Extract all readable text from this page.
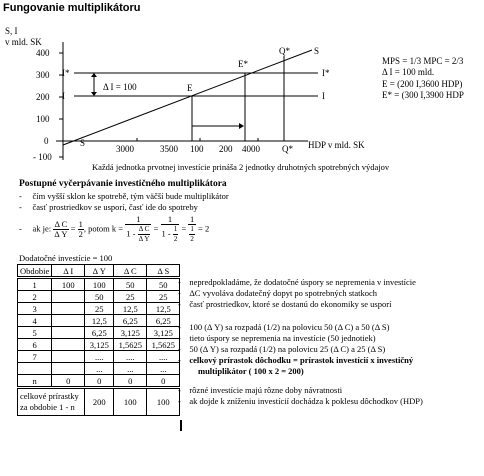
Fungovanie multiplikátoru
S, I
v mld. SK
400
300
200
100
0
- 100
3000	3500	4000
100 200	HDP v mld. SK
I*
I
I*
I
S
S
E
E*
Q*
Q*
Δ I = 100
MPS = 1/3 MPC = 2/3
Δ I = 100 mld.
E = (200 I,3600 HDP)
E* = (300 I,3900 HDP
Každá jednotka prvotnej investície prináša 2 jednotky druhotných spotrebných výdajov
Postupné vyčerpávanie investičného multiplikátora
-     čím vyšší sklon ke spotrebě, tým väčší bude multiplikátor
-     časť prostriedkov se usporí, časť ide do spotreby
-     ak je: $\frac{\text{Δ C}}{\text{Δ Y}} = \frac{1}{2}$ , potom $k = \frac{1}{1 - \frac{\text{Δ C}}{\text{Δ Y}}} = \frac{1}{1 - \frac{1}{2}} = \frac{1}{\frac{1}{2}} = 2$
Dodatočné investície = 100
Obdobie	Δ I	Δ Y	Δ C	Δ S
1	100	100	50	50
2		50	25	25
3		25	12,5	12,5
4		12,5	6,25	6,25
5		6,25	3,125	3,125
6		3,125	1,5625	1,5625
7		....	....	....
		...	...	...
n	0	0	0	0
celkové prírastky
za obdobie 1 - n		200	100	100
-    nepredpokladáme, že dodatočné úspory se nepremenia v investície
-    ΔC vyvoláva dodatečný dopyt po spotrebných statkoch
-    časť prostriedkov, ktoré se dostanú do ekonomiky se usporí
-    100 (Δ Y) sa rozpadá (1/2) na polovicu 50 (Δ C) a 50 (Δ S)
-    tieto úspory se nepremenia na investície (50 jednotiek)
-    50 (Δ Y) sa rozpadá (1/2) na polovicu 25 (Δ C) a 25 (Δ S)
-    celkový prírastok dôchodku = prírastok investícií x investičný
multiplikátor ( 100 x 2 = 200)
-    rôzné investície majú rôzne doby návratnosti
-    ak dojde k zníženiu investícií dochádza k poklesu dôchodkov (HDP)
